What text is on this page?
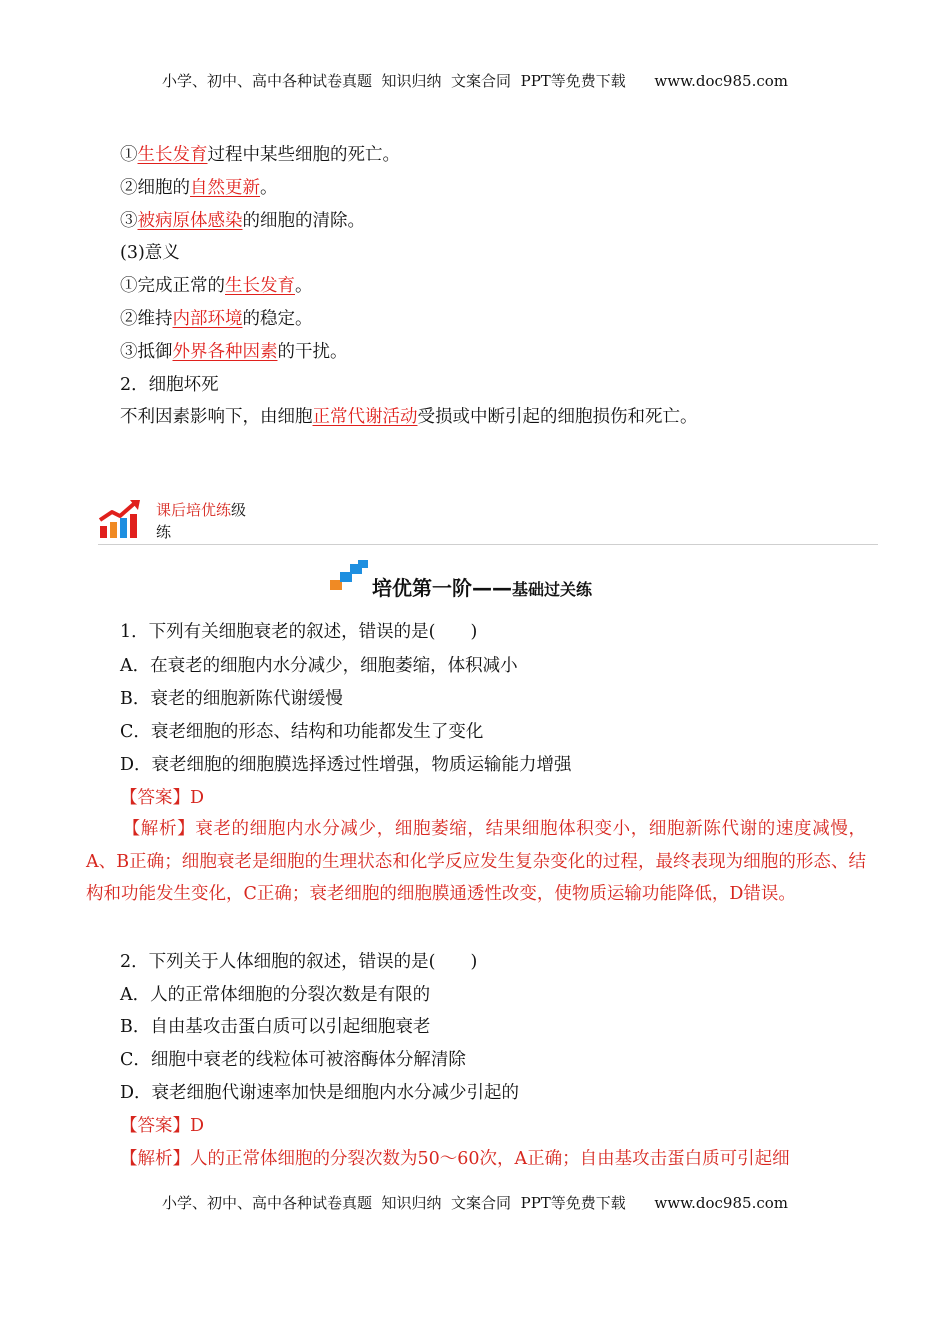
小学、初中、高中各种试卷真题  知识归纳  文案合同  PPT等免费下载      www.doc985.com
①生长发育过程中某些细胞的死亡。
②细胞的自然更新。
③被病原体感染的细胞的清除。
(3)意义
①完成正常的生长发育。
②维持内部环境的稳定。
③抵御外界各种因素的干扰。
2．细胞坏死
不利因素影响下，由细胞正常代谢活动受损或中断引起的细胞损伤和死亡。
课后培优练级
练
培优第一阶——基础过关练
1．下列有关细胞衰老的叙述，错误的是(　　)
A．在衰老的细胞内水分减少，细胞萎缩，体积减小
B．衰老的细胞新陈代谢缓慢
C．衰老细胞的形态、结构和功能都发生了变化
D．衰老细胞的细胞膜选择透过性增强，物质运输能力增强
【答案】D

【解析】衰老的细胞内水分减少，细胞萎缩，结果细胞体积变小，细胞新陈代谢的速度减慢，A、B正确；细胞衰老是细胞的生理状态和化学反应发生复杂变化的过程，最终表现为细胞的形态、结构和功能发生变化，C正确；衰老细胞的细胞膜通透性改变，使物质运输功能降低，D错误。

2．下列关于人体细胞的叙述，错误的是(　　)
A．人的正常体细胞的分裂次数是有限的
B．自由基攻击蛋白质可以引起细胞衰老
C．细胞中衰老的线粒体可被溶酶体分解清除
D．衰老细胞代谢速率加快是细胞内水分减少引起的
【答案】D
【解析】人的正常体细胞的分裂次数为50～60次，A正确；自由基攻击蛋白质可引起细
小学、初中、高中各种试卷真题  知识归纳  文案合同  PPT等免费下载      www.doc985.com
